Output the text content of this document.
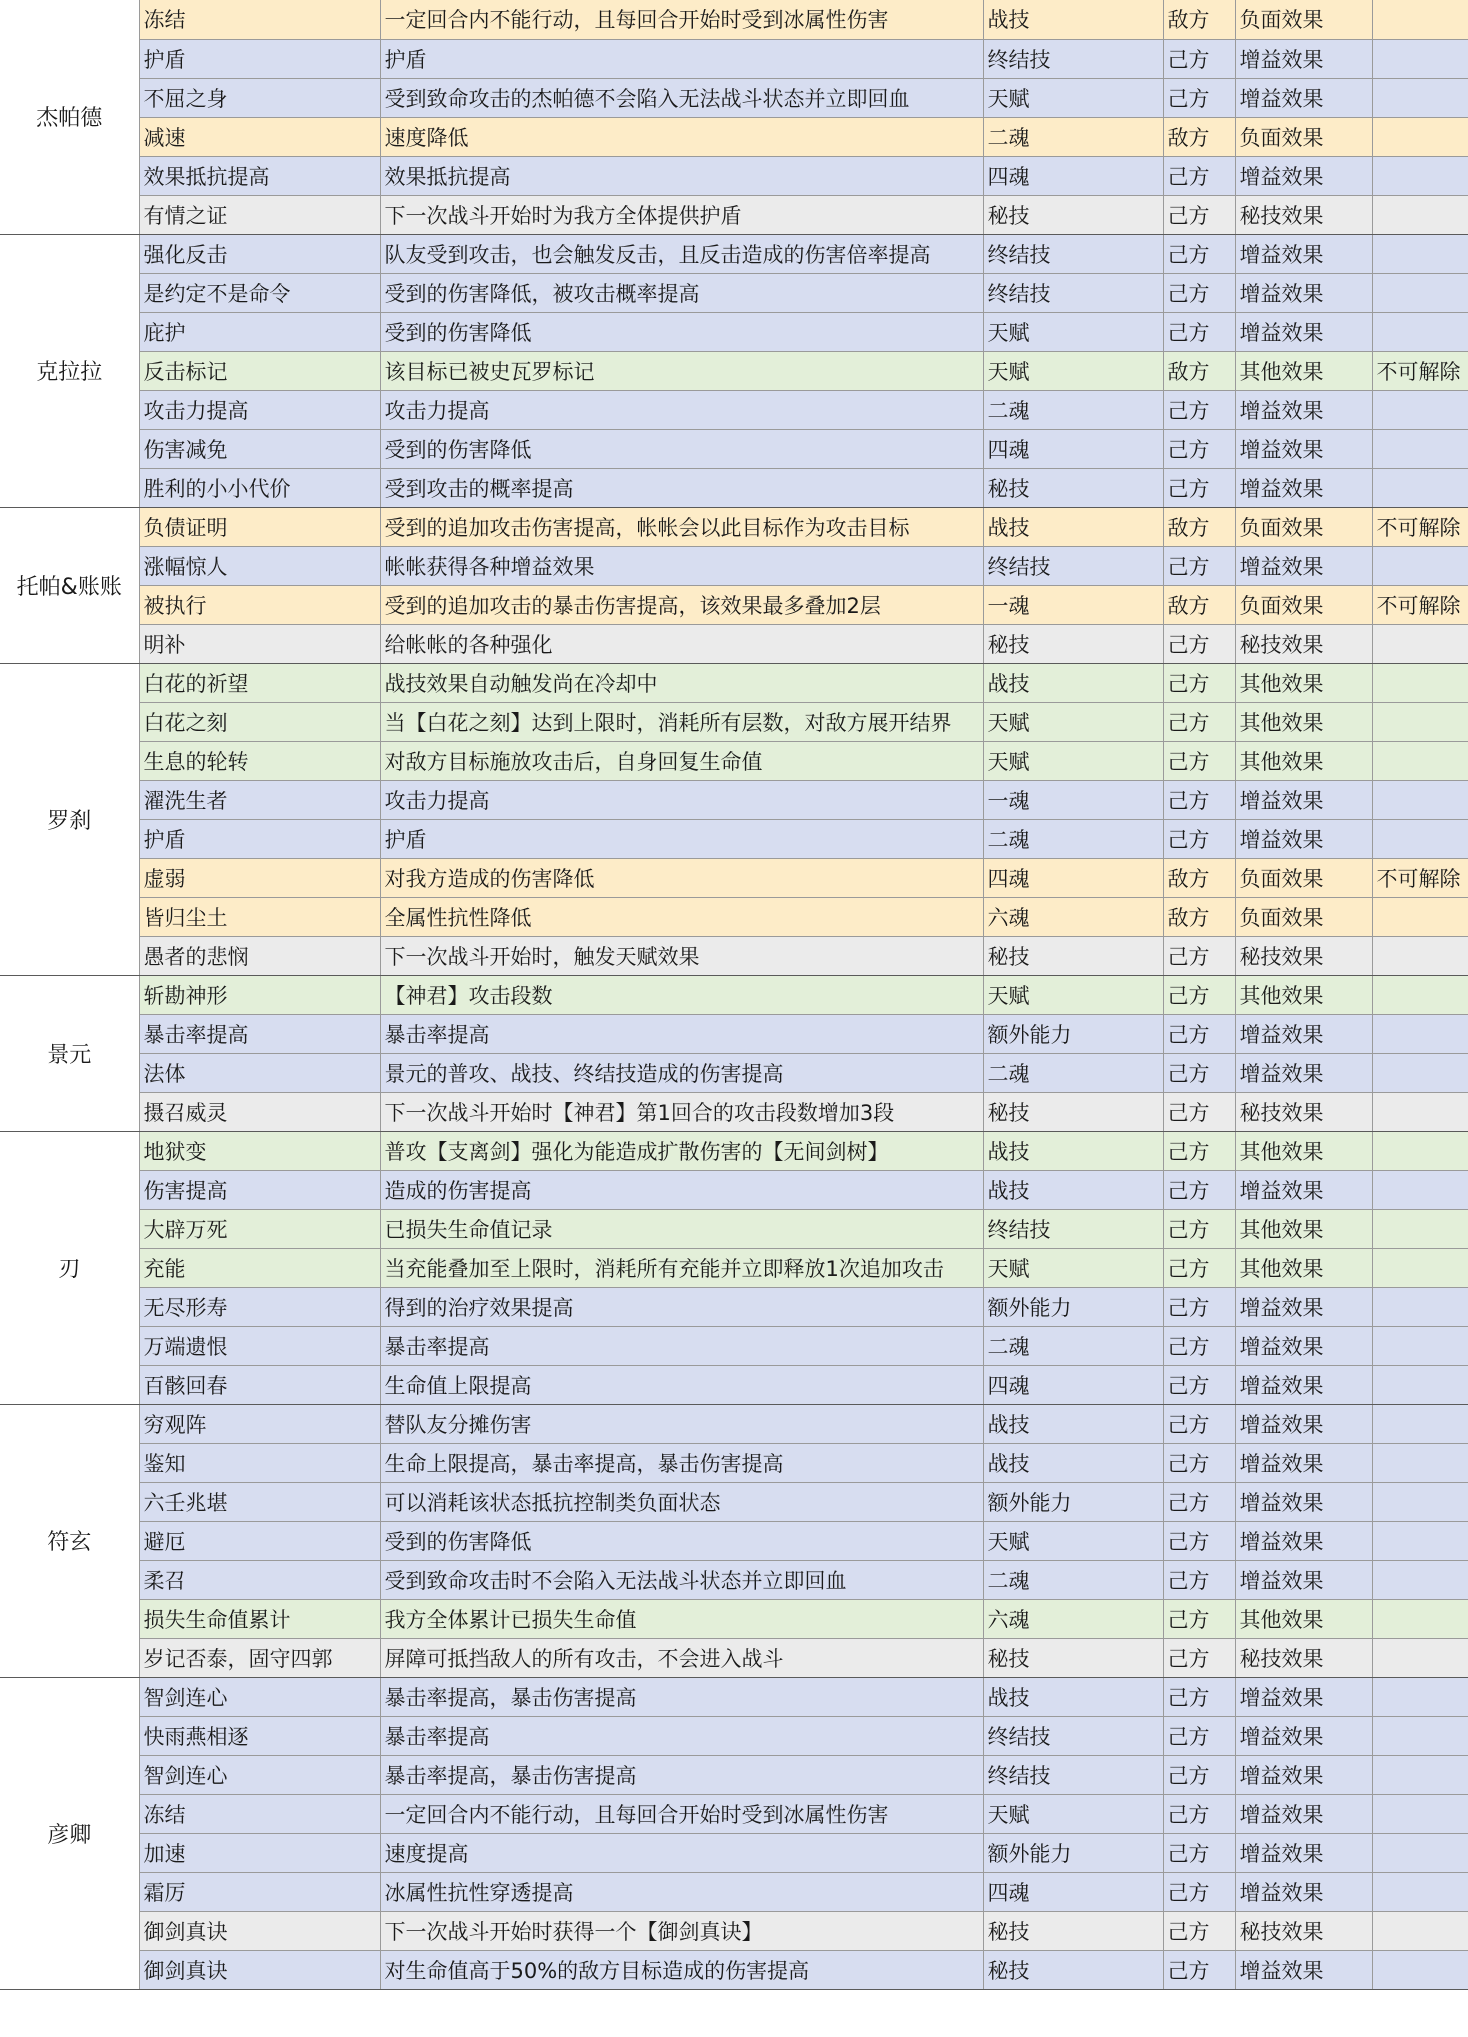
杰帕德	冻结	一定回合内不能行动，且每回合开始时受到冰属性伤害	战技	敌方	负面效果	
	护盾	护盾	终结技	己方	增益效果	
	不屈之身	受到致命攻击的杰帕德不会陷入无法战斗状态并立即回血	天赋	己方	增益效果	
	减速	速度降低	二魂	敌方	负面效果	
	效果抵抗提高	效果抵抗提高	四魂	己方	增益效果	
	有情之证	下一次战斗开始时为我方全体提供护盾	秘技	己方	秘技效果	
克拉拉	强化反击	队友受到攻击，也会触发反击，且反击造成的伤害倍率提高	终结技	己方	增益效果	
	是约定不是命令	受到的伤害降低，被攻击概率提高	终结技	己方	增益效果	
	庇护	受到的伤害降低	天赋	己方	增益效果	
	反击标记	该目标已被史瓦罗标记	天赋	敌方	其他效果	不可解除
	攻击力提高	攻击力提高	二魂	己方	增益效果	
	伤害减免	受到的伤害降低	四魂	己方	增益效果	
	胜利的小小代价	受到攻击的概率提高	秘技	己方	增益效果	
托帕&账账	负债证明	受到的追加攻击伤害提高，帐帐会以此目标作为攻击目标	战技	敌方	负面效果	不可解除
	涨幅惊人	帐帐获得各种增益效果	终结技	己方	增益效果	
	被执行	受到的追加攻击的暴击伤害提高，该效果最多叠加2层	一魂	敌方	负面效果	不可解除
	明补	给帐帐的各种强化	秘技	己方	秘技效果	
罗刹	白花的祈望	战技效果自动触发尚在冷却中	战技	己方	其他效果	
	白花之刻	当【白花之刻】达到上限时，消耗所有层数，对敌方展开结界	天赋	己方	其他效果	
	生息的轮转	对敌方目标施放攻击后，自身回复生命值	天赋	己方	其他效果	
	濯洗生者	攻击力提高	一魂	己方	增益效果	
	护盾	护盾	二魂	己方	增益效果	
	虚弱	对我方造成的伤害降低	四魂	敌方	负面效果	不可解除
	皆归尘土	全属性抗性降低	六魂	敌方	负面效果	
	愚者的悲悯	下一次战斗开始时，触发天赋效果	秘技	己方	秘技效果	
景元	斩勘神形	【神君】攻击段数	天赋	己方	其他效果	
	暴击率提高	暴击率提高	额外能力	己方	增益效果	
	法体	景元的普攻、战技、终结技造成的伤害提高	二魂	己方	增益效果	
	摄召威灵	下一次战斗开始时【神君】第1回合的攻击段数增加3段	秘技	己方	秘技效果	
刃	地狱变	普攻【支离剑】强化为能造成扩散伤害的【无间剑树】	战技	己方	其他效果	
	伤害提高	造成的伤害提高	战技	己方	增益效果	
	大辟万死	已损失生命值记录	终结技	己方	其他效果	
	充能	当充能叠加至上限时，消耗所有充能并立即释放1次追加攻击	天赋	己方	其他效果	
	无尽形寿	得到的治疗效果提高	额外能力	己方	增益效果	
	万端遗恨	暴击率提高	二魂	己方	增益效果	
	百骸回春	生命值上限提高	四魂	己方	增益效果	
符玄	穷观阵	替队友分摊伤害	战技	己方	增益效果	
	鉴知	生命上限提高，暴击率提高，暴击伤害提高	战技	己方	增益效果	
	六壬兆堪	可以消耗该状态抵抗控制类负面状态	额外能力	己方	增益效果	
	避厄	受到的伤害降低	天赋	己方	增益效果	
	柔召	受到致命攻击时不会陷入无法战斗状态并立即回血	二魂	己方	增益效果	
	损失生命值累计	我方全体累计已损失生命值	六魂	己方	其他效果	
	岁记否泰，固守四郭	屏障可抵挡敌人的所有攻击，不会进入战斗	秘技	己方	秘技效果	
彦卿	智剑连心	暴击率提高，暴击伤害提高	战技	己方	增益效果	
	快雨燕相逐	暴击率提高	终结技	己方	增益效果	
	智剑连心	暴击率提高，暴击伤害提高	终结技	己方	增益效果	
	冻结	一定回合内不能行动，且每回合开始时受到冰属性伤害	天赋	己方	增益效果	
	加速	速度提高	额外能力	己方	增益效果	
	霜厉	冰属性抗性穿透提高	四魂	己方	增益效果	
	御剑真诀	下一次战斗开始时获得一个【御剑真诀】	秘技	己方	秘技效果	
	御剑真诀	对生命值高于50%的敌方目标造成的伤害提高	秘技	己方	增益效果	
